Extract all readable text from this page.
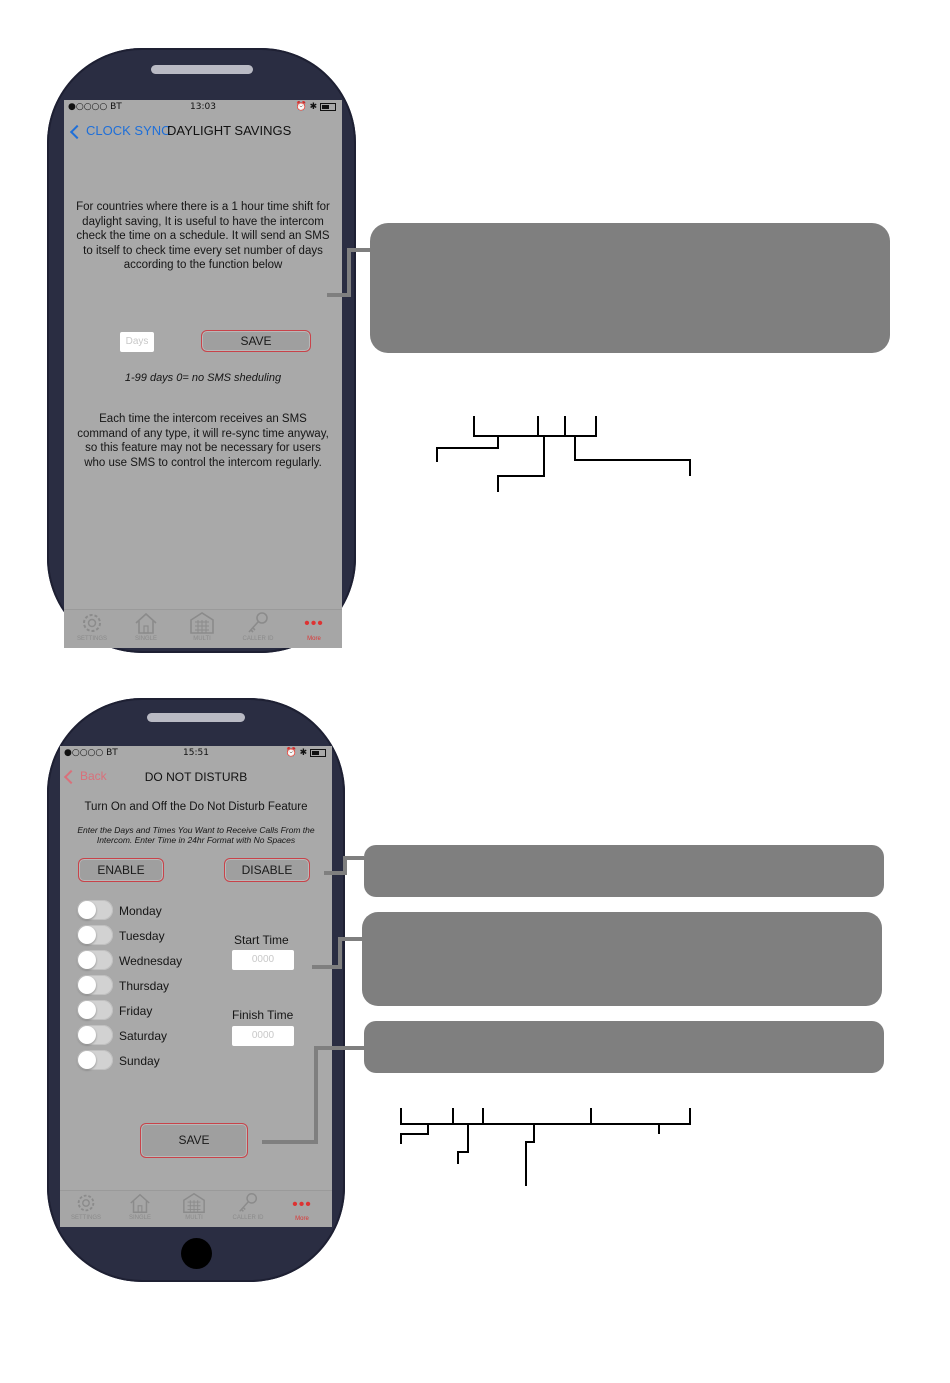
●○○○○ BT	13:03	⏰ ✱
CLOCK SYNC
DAYLIGHT SAVINGS
For countries where there is a 1 hour time shift for daylight saving, It is useful to have the intercom check the time on a schedule. It will send an SMS to itself to check time every set number of days according to the function below
Days	SAVE
1-99 days 0= no SMS sheduling
Each time the intercom receives an SMS command of any type, it will re-sync time anyway, so this feature may not be necessary for users who use SMS to control the intercom regularly.
SETTINGS	SINGLE	MULTI	CALLER ID
•••
More
●○○○○ BT	15:51	⏰ ✱
Back	DO NOT DISTURB
Turn On and Off the Do Not Disturb Feature
Enter the Days and Times You Want to Receive Calls From the Intercom. Enter Time in 24hr Format with No Spaces
ENABLE	DISABLE
Monday
Tuesday
Wednesday
Thursday
Friday
Saturday
Sunday
Start Time
0000
Finish Time
0000
SAVE
SETTINGS	SINGLE	MULTI	CALLER ID
•••
More
